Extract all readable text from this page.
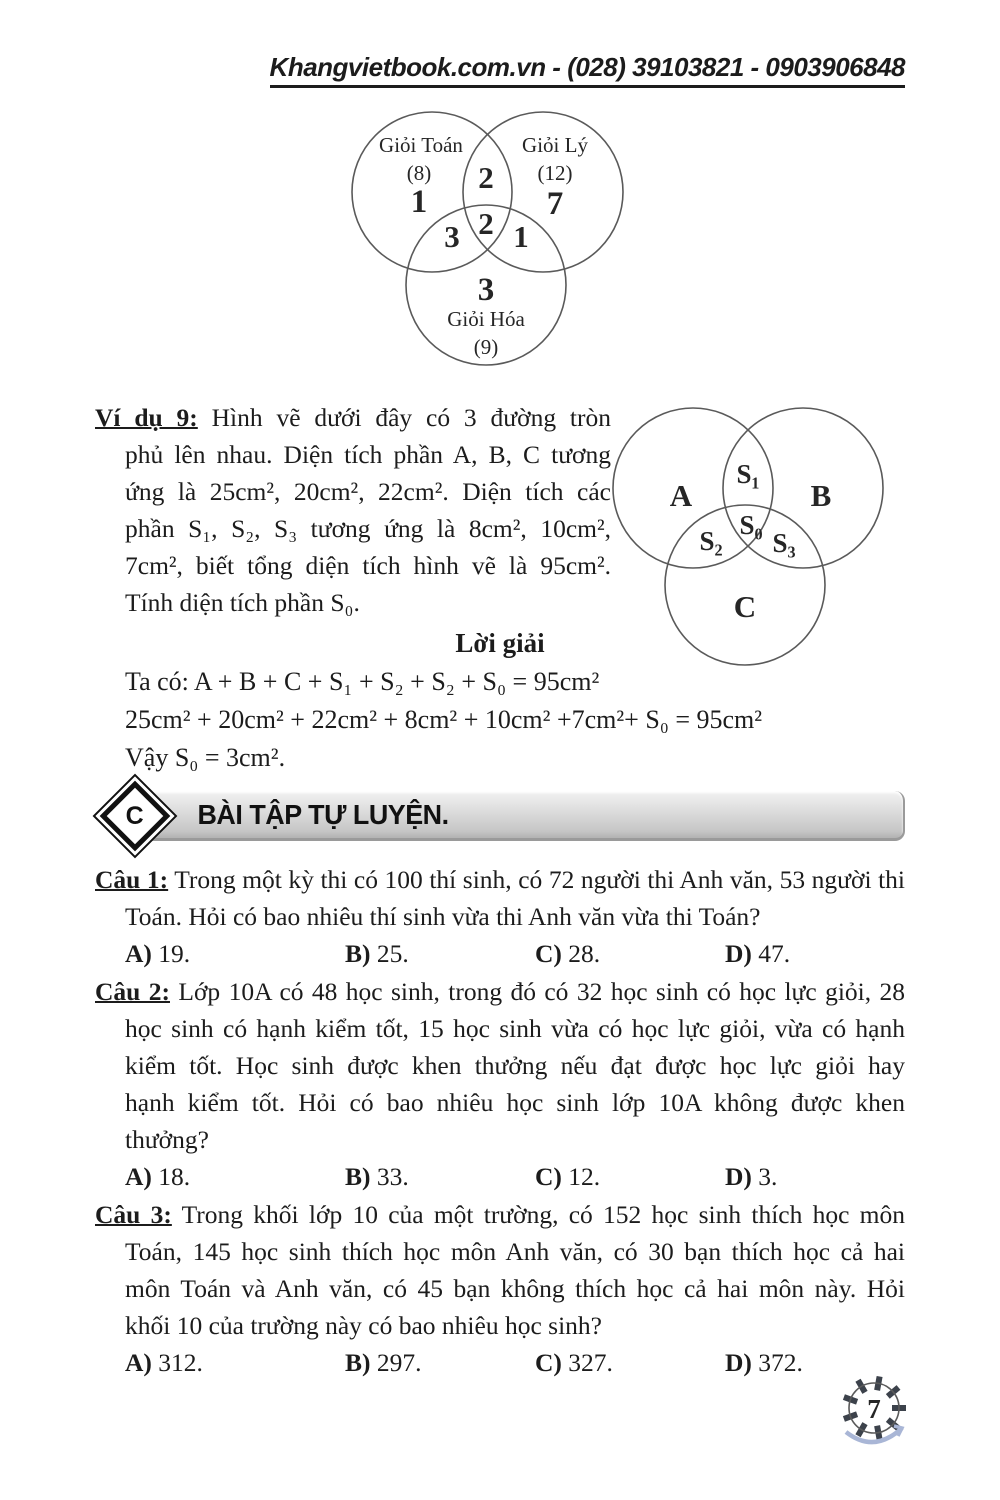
Khangvietbook.com.vn - (028) 39103821 - 0903906848
Giỏi Toán
(8)
1
Giỏi Lý
(12)
7
2
2
3 1
3
Giỏi Hóa
(9)
A	B
C
S₁
S₀
S₂ S₃
Ví dụ 9: Hình vẽ dưới đây có 3 đường tròn
phủ lên nhau. Diện tích phần A, B, C tương
ứng là 25cm², 20cm², 22cm². Diện tích các
phần S₁, S₂, S₃ tương ứng là 8cm², 10cm²,
7cm², biết tổng diện tích hình vẽ là 95cm².
Tính diện tích phần S₀.
Lời giải
Ta có: A + B + C + S₁ + S₂ + S₂ + S₀ = 95cm²
25cm² + 20cm² + 22cm² + 8cm² + 10cm² +7cm²+ S₀ = 95cm²
Vậy S₀ = 3cm².
BÀI TẬP TỰ LUYỆN.
C
Câu 1: Trong một kỳ thi có 100 thí sinh, có 72 người thi Anh văn, 53 người thi
Toán. Hỏi có bao nhiêu thí sinh vừa thi Anh văn vừa thi Toán?
A) 19.	B) 25.	C) 28.	D) 47.
Câu 2: Lớp 10A có 48 học sinh, trong đó có 32 học sinh có học lực giỏi, 28
học sinh có hạnh kiểm tốt, 15 học sinh vừa có học lực giỏi, vừa có hạnh
kiểm tốt. Học sinh được khen thưởng nếu đạt được học lực giỏi hay
hạnh kiểm tốt. Hỏi có bao nhiêu học sinh lớp 10A không được khen
thưởng?
A) 18.	B) 33.	C) 12.	D) 3.
Câu 3: Trong khối lớp 10 của một trường, có 152 học sinh thích học môn
Toán, 145 học sinh thích học môn Anh văn, có 30 bạn thích học cả hai
môn Toán và Anh văn, có 45 bạn không thích học cả hai môn này. Hỏi
khối 10 của trường này có bao nhiêu học sinh?
A) 312.	B) 297.	C) 327.	D) 372.
7
